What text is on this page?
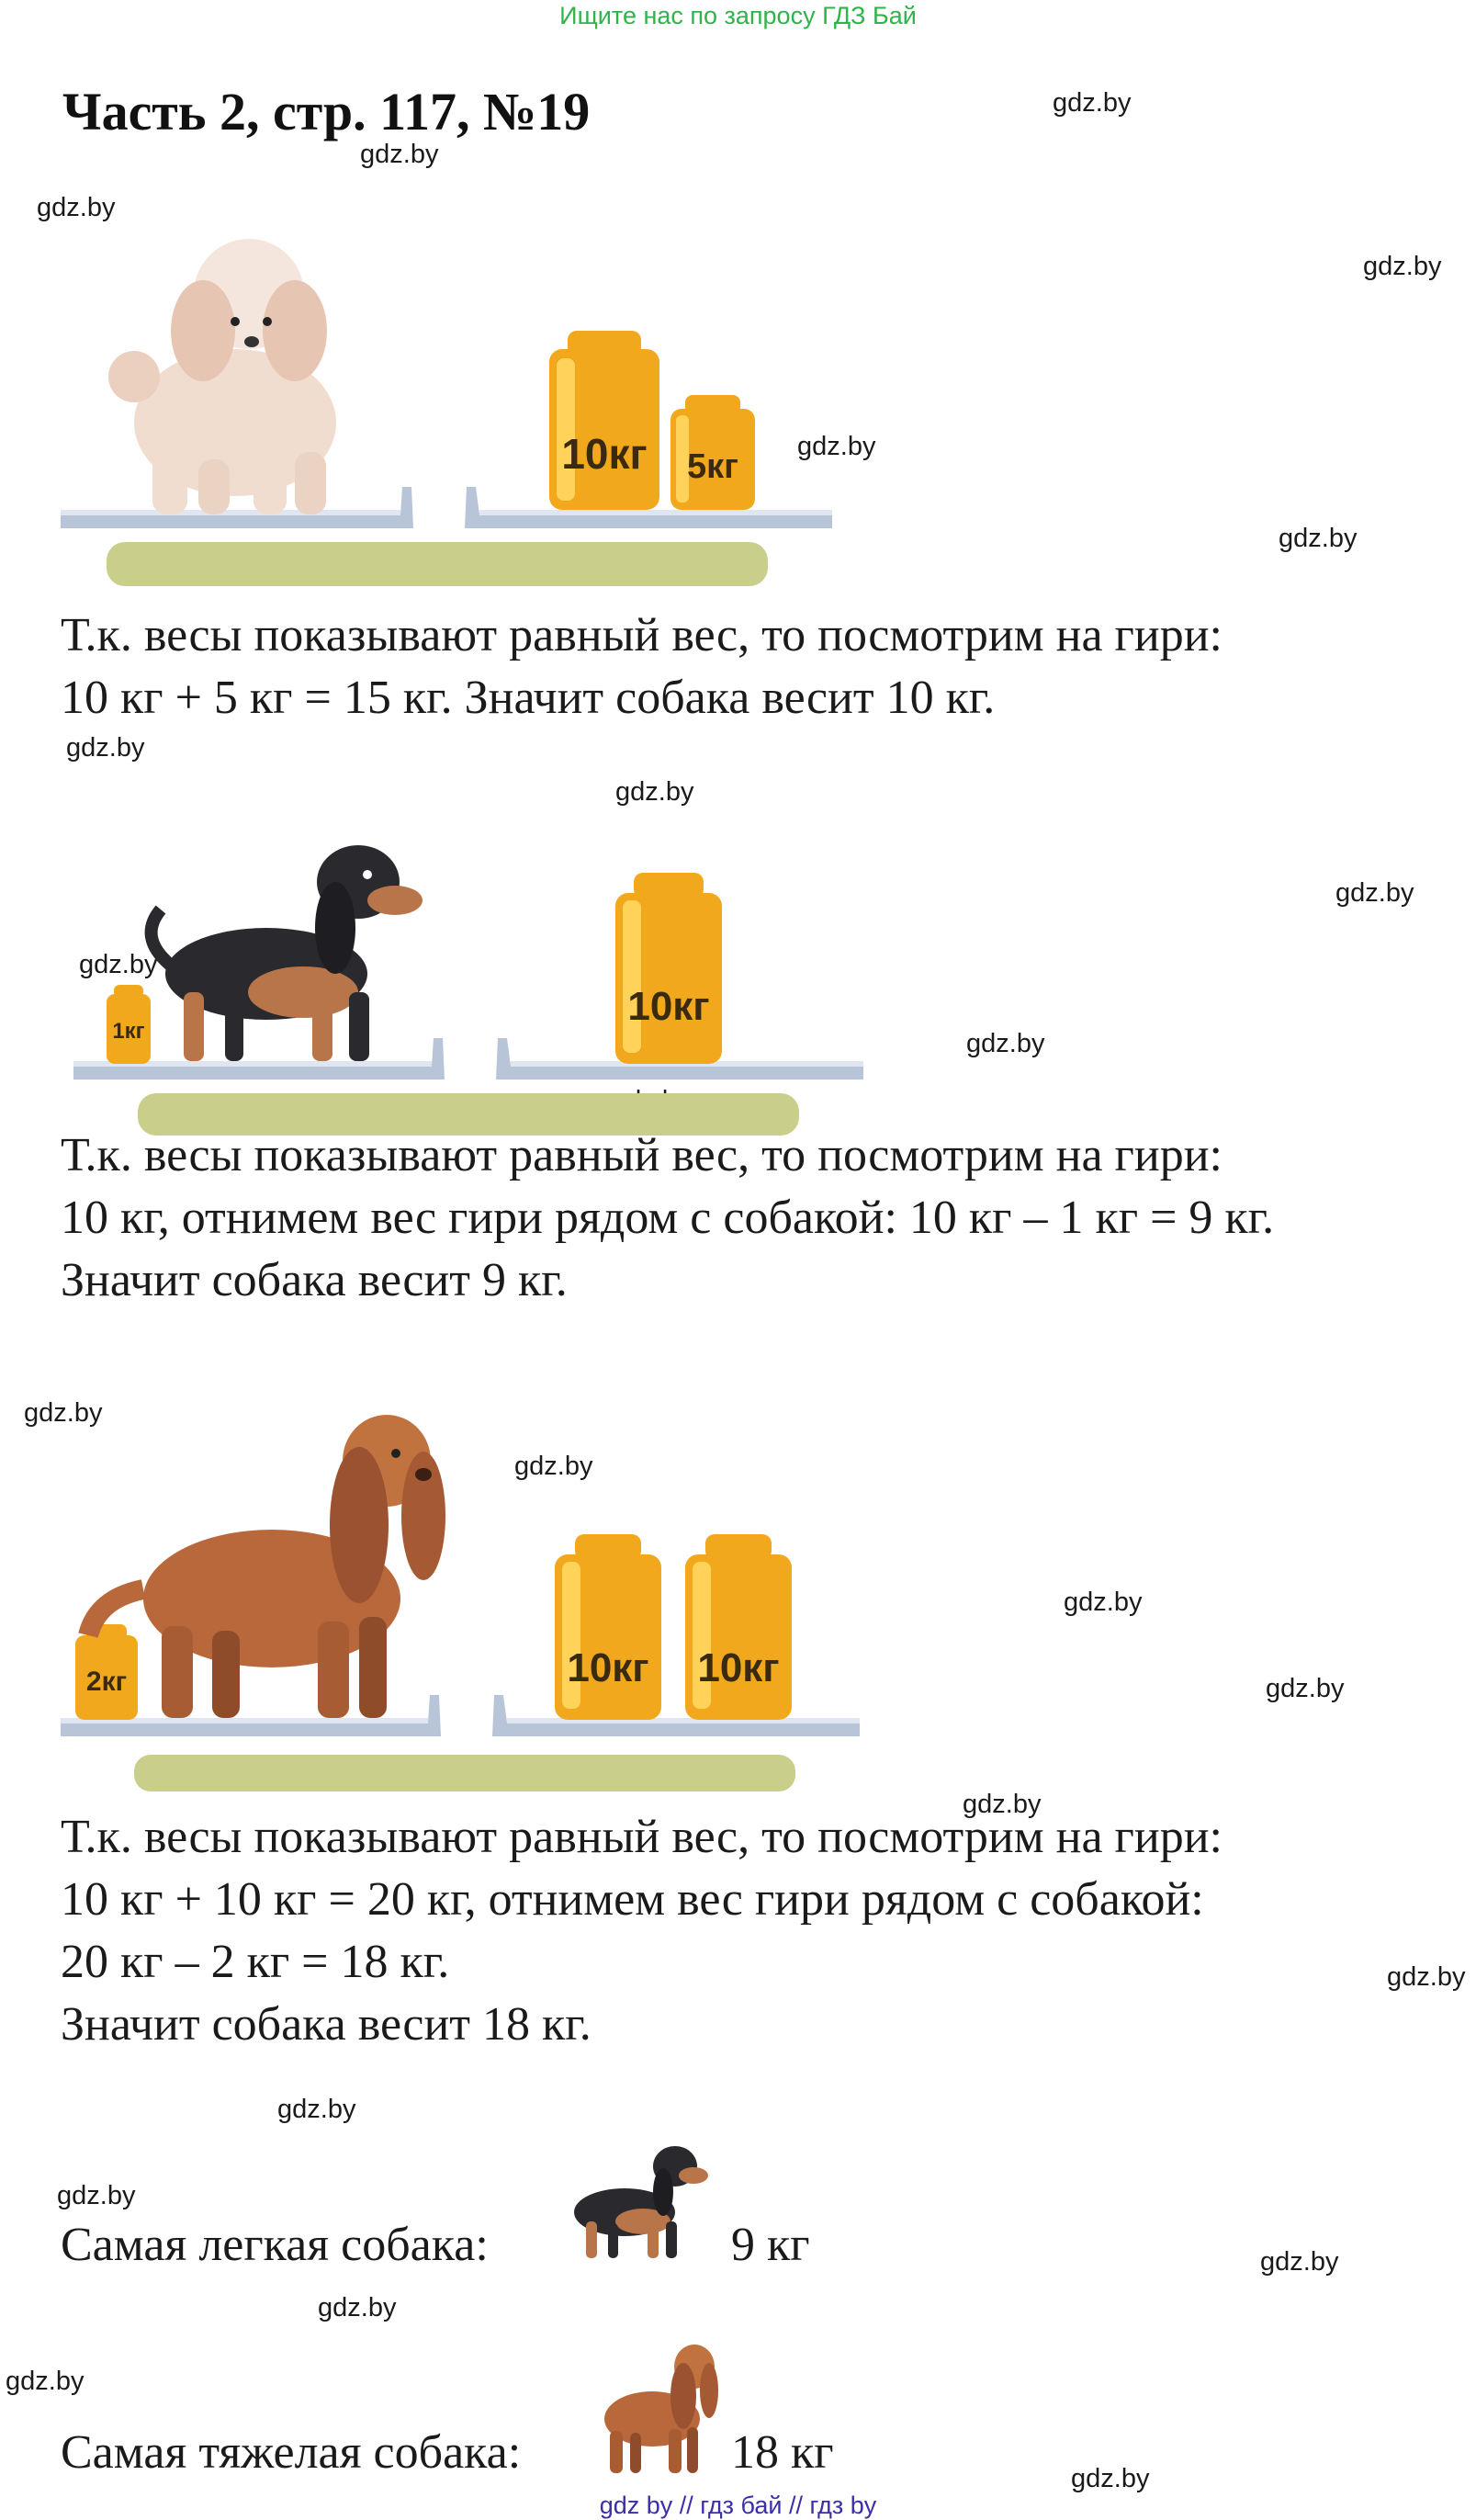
Ищите нас по запросу ГДЗ Бай
Часть 2, стр. 117, №19	gdz.by
gdz.by
gdz.by
gdz.by
gdz.by
gdz.by
gdz.by
gdz.by
gdz.by
gdz.by
gdz.by
gdz.by
gdz.by
gdz.by
gdz.by
gdz.by
gdz.by
gdz.by
gdz.by
gdz.by
gdz.by
gdz.by
gdz.by
10кг 5кг
Т.к. весы показывают равный вес, то посмотрим на гири:
10 кг + 5 кг = 15 кг. Значит собака весит 10 кг.
1кг
10кг
Т.к. весы показывают равный вес, то посмотрим на гири:
10 кг, отнимем вес гири рядом с собакой: 10 кг – 1 кг = 9 кг.
Значит собака весит 9 кг.
2кг	10кг 10кг
Т.к. весы показывают равный вес, то посмотрим на гири:
10 кг + 10 кг = 20 кг, отнимем вес гири рядом с собакой:
20 кг – 2 кг = 18 кг.
Значит собака весит 18 кг.
Самая легкая собака:	9 кг
Самая тяжелая собака:	18 кг
gdz by // гдз бай // гдз by
